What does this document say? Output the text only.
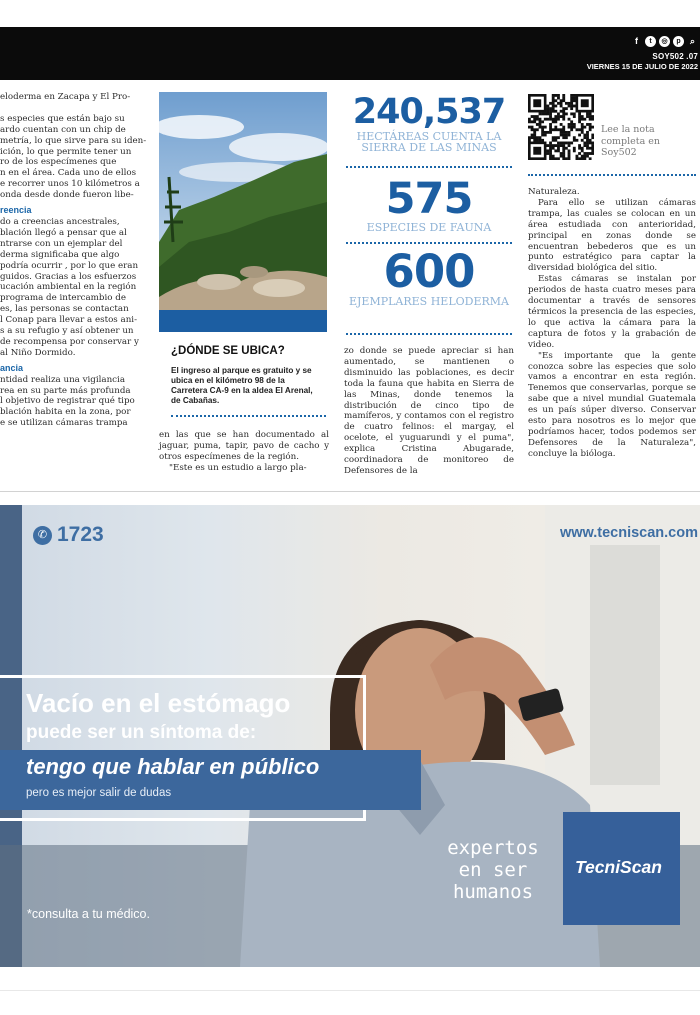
f	t	◎	p	⌕
SOY502 .07
VIERNES 15 DE JULIO DE 2022

eloderma en Zacapa y El Pro-

s especies que están bajo su

ardo cuentan con un chip de

metría, lo que sirve para su iden-

ición, lo que permite tener un

ro de los especímenes que

n en el área. Cada uno de ellos

e recorrer unos 10 kilómetros a

onda desde donde fueron libe-

reencia

do a creencias ancestrales,

blación llegó a pensar que al

ntrarse con un ejemplar del

derma significaba que algo

podría ocurrir , por lo que eran

guidos. Gracias a los esfuerzos

ucación ambiental en la región

programa de intercambio de

es, las personas se contactan

l Conap para llevar a estos ani-

s a su refugio y así obtener un

de recompensa por conservar y

al Niño Dormido.

ancia

ntidad realiza una vigilancia

rea en su parte más profunda

l objetivo de registrar qué tipo

blación habita en la zona, por

e se utilizan cámaras trampa

¿DÓNDE SE UBICA?
El ingreso al parque es gratuito y se ubica en el kilómetro 98 de la Carretera CA-9 en la aldea El Arenal, de Cabañas.

en las que se han documentado al jaguar, puma, tapir, pavo de cacho y otros especímenes de la región.

"Este es un estudio a largo pla-

240,537
HECTÁREAS CUENTA LA SIERRA DE LAS MINAS
575
ESPECIES DE FAUNA
600
EJEMPLARES HELODERMA

zo donde se puede apreciar si han aumentado, se mantienen o disminuido las poblaciones, es decir toda la fauna que habita en Sierra de las Minas, donde tenemos la distribución de cinco tipo de mamíferos, y contamos con el registro de cuatro felinos: el margay, el ocelote, el yuguarundi y el puma", explica Cristina Abugarade, coordinadora de monitoreo de Defensores de la

Lee la nota completa en Soy502

Naturaleza.

Para ello se utilizan cámaras trampa, las cuales se colocan en un área estudiada con anterioridad, principal en zonas donde se encuentran bebederos que es un punto estratégico para captar la diversidad biológica del sitio.

Estas cámaras se instalan por periodos de hasta cuatro meses para documentar a través de sensores térmicos la presencia de las especies, lo que activa la cámara para la captura de fotos y la grabación de video.

"Es importante que la gente conozca sobre las especies que solo vamos a encontrar en esta región. Tenemos que conservarlas, porque se sabe que a nivel mundial Guatemala es un país súper diverso. Conservar esto para nosotros es lo mejor que podríamos hacer, todos podemos ser Defensores de la Naturaleza", concluye la bióloga.

✆ 1723	www.tecniscan.com
Vacío en el estómago
puede ser un síntoma de:
tengo que hablar en público
pero es mejor salir de dudas
expertos
en ser
humanos
TecniScan
*consulta a tu médico.
